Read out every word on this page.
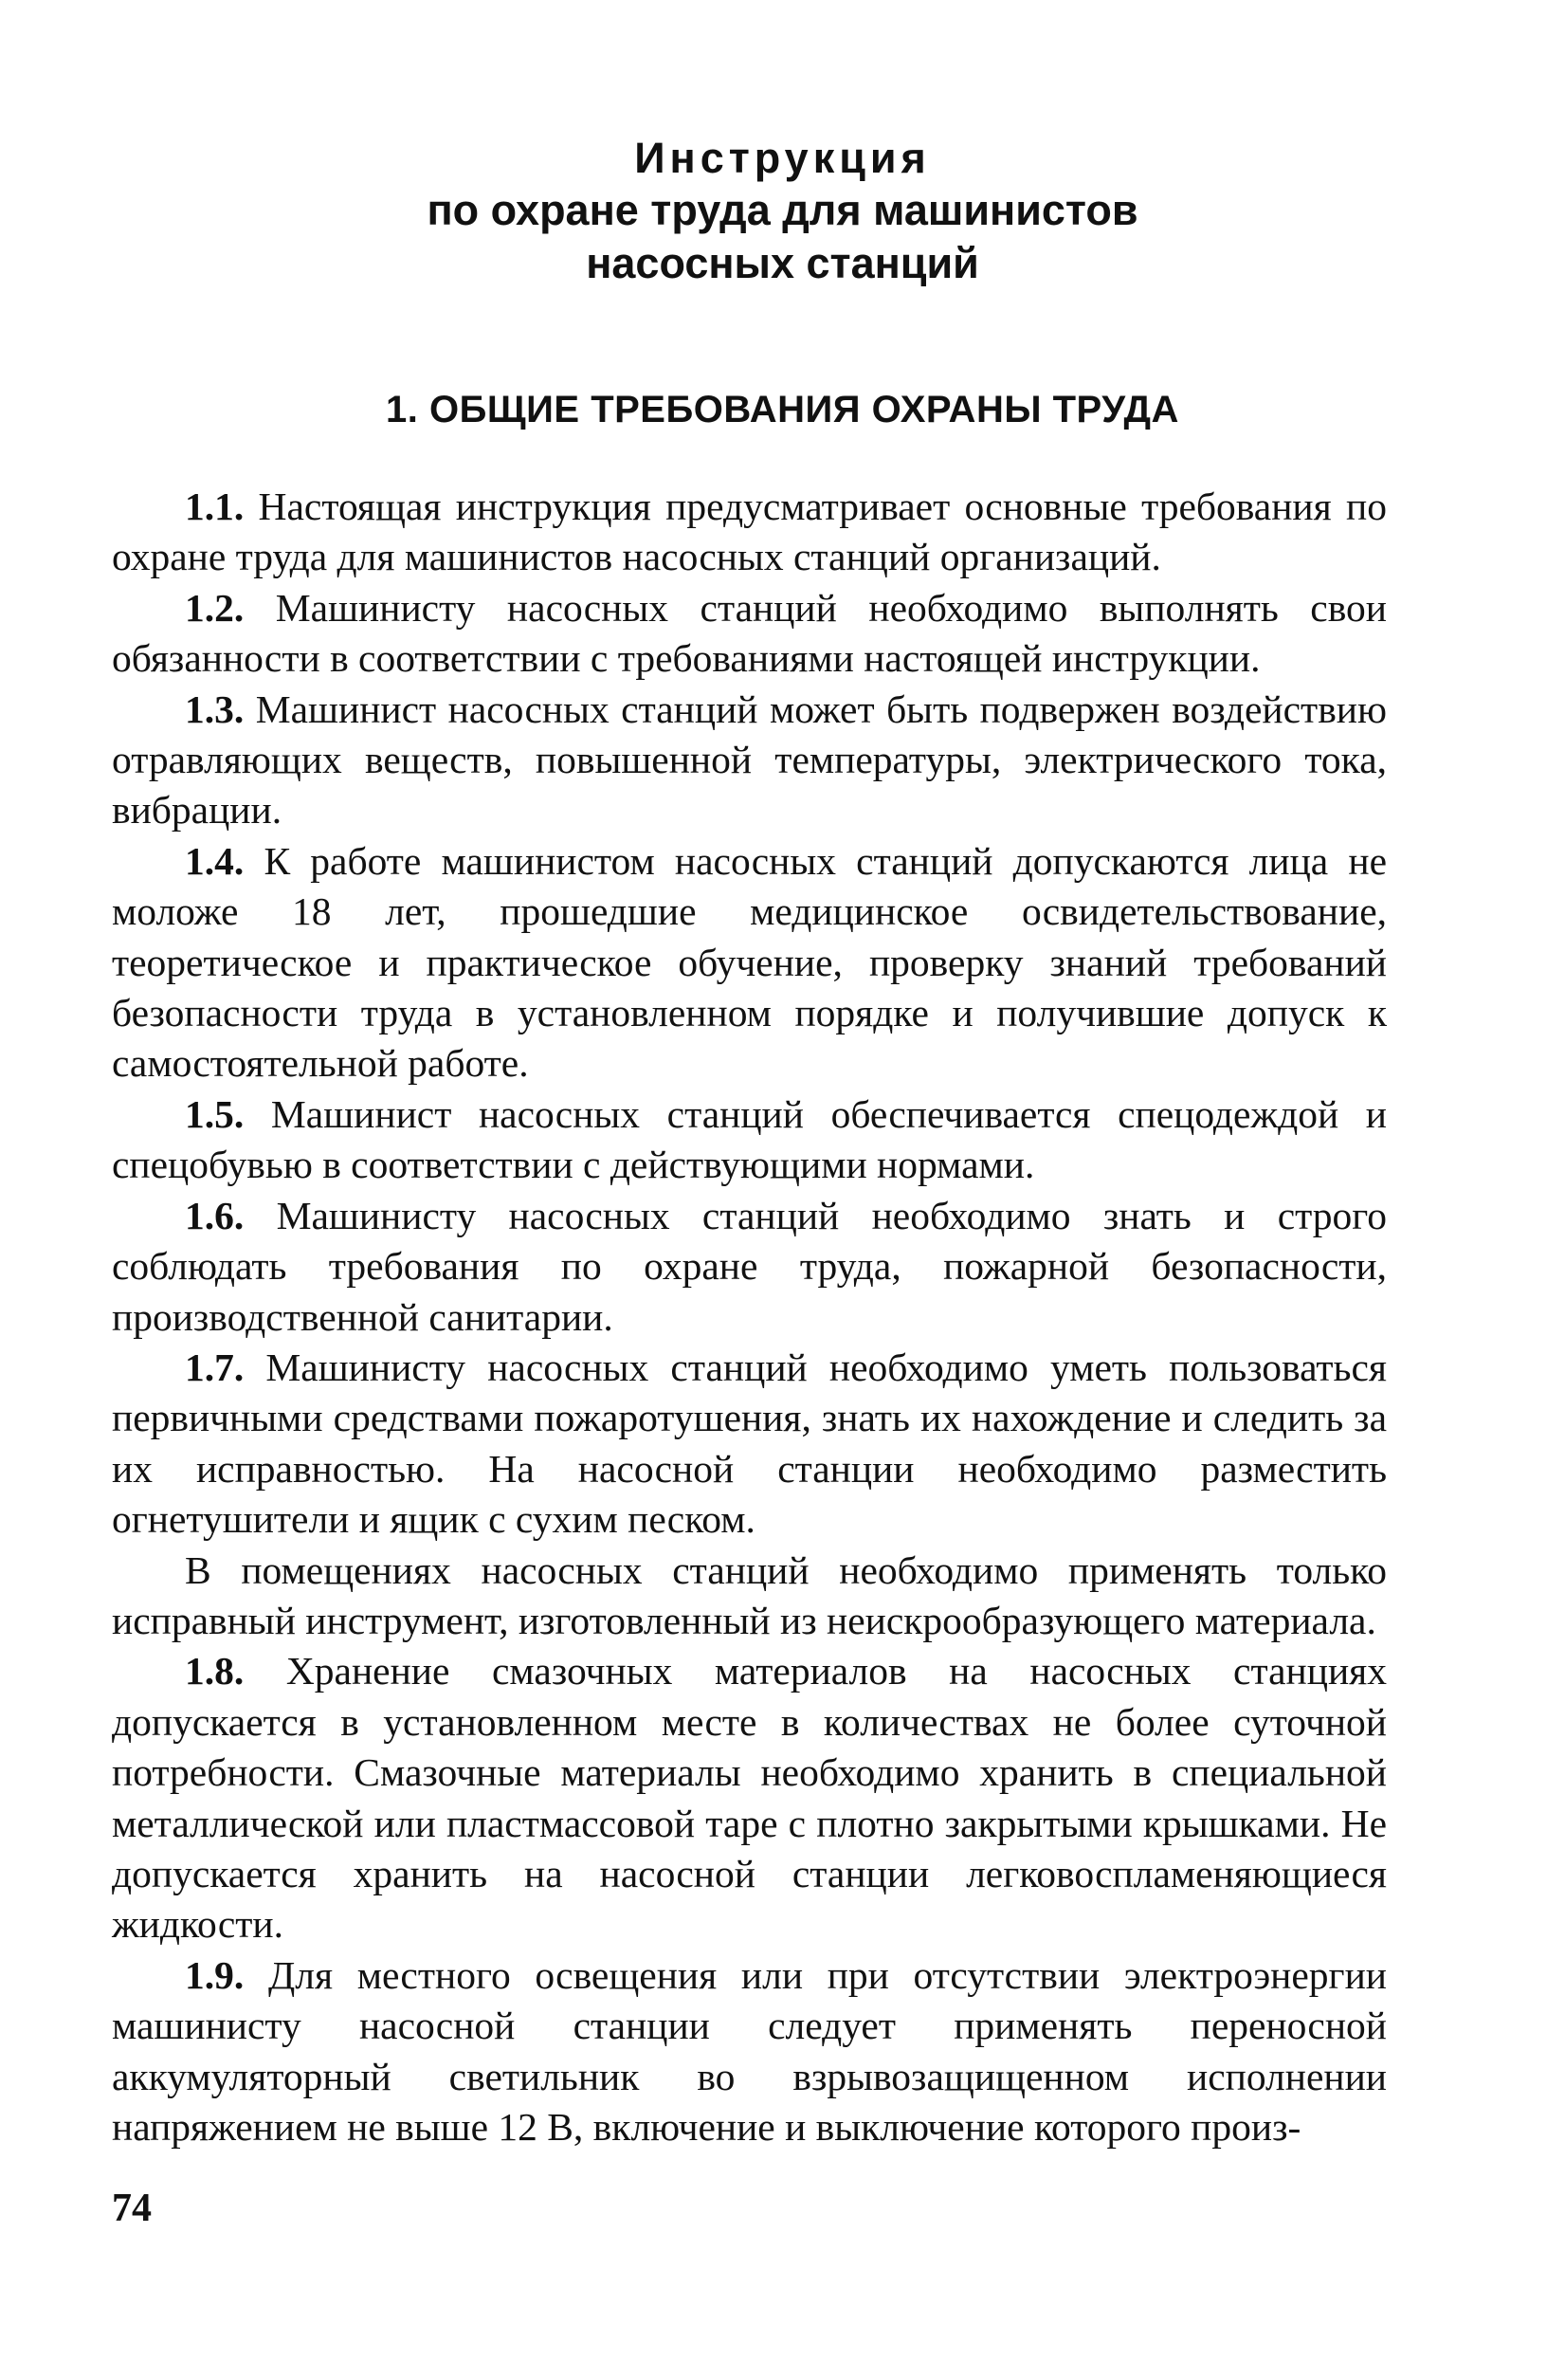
Инструкция
по охране труда для машинистов
насосных станций
1. ОБЩИЕ ТРЕБОВАНИЯ ОХРАНЫ ТРУДА

1.1. Настоящая инструкция предусматривает основные требования по охране труда для машинистов насосных станций организаций.

1.2. Машинисту насосных станций необходимо выполнять свои обязанности в соответствии с требованиями настоящей инструкции.

1.3. Машинист насосных станций может быть подвержен воздействию отравляющих веществ, повышенной температуры, электрического тока, вибрации.

1.4. К работе машинистом насосных станций допускаются лица не моложе 18 лет, прошедшие медицинское освидетельствование, теоретическое и практическое обучение, проверку знаний требований безопасности труда в установленном порядке и получившие допуск к самостоятельной работе.

1.5. Машинист насосных станций обеспечивается спецодеждой и спецобувью в соответствии с действующими нормами.

1.6. Машинисту насосных станций необходимо знать и строго соблюдать требования по охране труда, пожарной безопасности, производственной санитарии.

1.7. Машинисту насосных станций необходимо уметь пользоваться первичными средствами пожаротушения, знать их нахождение и следить за их исправностью. На насосной станции необходимо разместить огнетушители и ящик с сухим песком.

В помещениях насосных станций необходимо применять только исправный инструмент, изготовленный из неискрообразующего материала.

1.8. Хранение смазочных материалов на насосных станциях допускается в установленном месте в количествах не более суточной потребности. Смазочные материалы необходимо хранить в специальной металлической или пластмассовой таре с плотно закрытыми крышками. Не допускается хранить на насосной станции легковоспламеняющиеся жидкости.

1.9. Для местного освещения или при отсутствии электроэнергии машинисту насосной станции следует применять переносной аккумуляторный светильник во взрывозащищенном исполнении напряжением не выше 12 В, включение и выключение которого произ-

74
